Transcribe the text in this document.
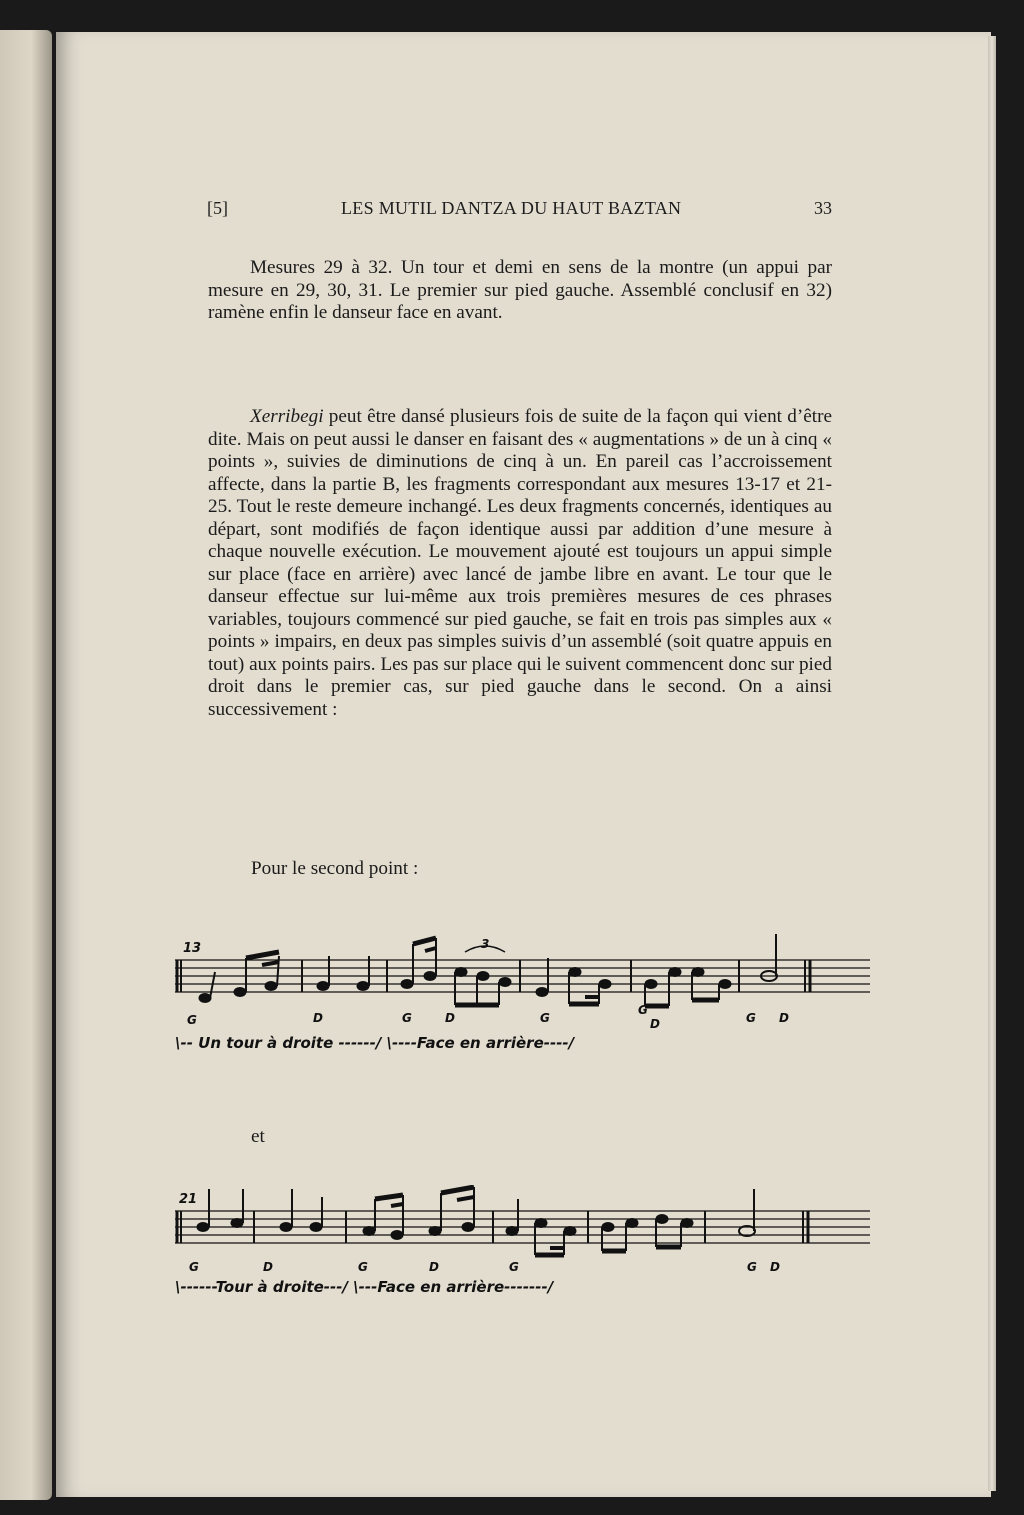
[5]	LES MUTIL DANTZA DU HAUT BAZTAN	33

Mesures 29 à 32. Un tour et demi en sens de la montre (un appui par mesure en 29, 30, 31. Le premier sur pied gauche. Assemblé conclusif en 32) ramène enfin le danseur face en avant.

Xerribegi peut être dansé plusieurs fois de suite de la façon qui vient d’être dite. Mais on peut aussi le danser en faisant des « augmentations » de un à cinq « points », suivies de diminutions de cinq à un. En pareil cas l’accroissement affecte, dans la partie B, les fragments correspondant aux mesures 13-17 et 21-25. Tout le reste demeure inchangé. Les deux fragments concernés, identiques au départ, sont modifiés de façon identique aussi par addition d’une mesure à chaque nouvelle exécution. Le mouvement ajouté est toujours un appui simple sur place (face en arrière) avec lancé de jambe libre en avant. Le tour que le danseur effectue sur lui-même aux trois premières mesures de ces phrases variables, toujours commencé sur pied gauche, se fait en trois pas simples aux « points » impairs, en deux pas simples suivis d’un assemblé (soit quatre appuis en tout) aux points pairs. Les pas sur place qui le suivent commencent donc sur pied droit dans le premier cas, sur pied gauche dans le second. On a ainsi successivement :

Pour le second point :
13	3
G	D	G	D	G
G
D	G D
\-- Un tour à droite ------/ \----Face en arrière----/
et
21
G	D	G	D	G	G D
\------Tour à droite---/ \---Face en arrière-------/
